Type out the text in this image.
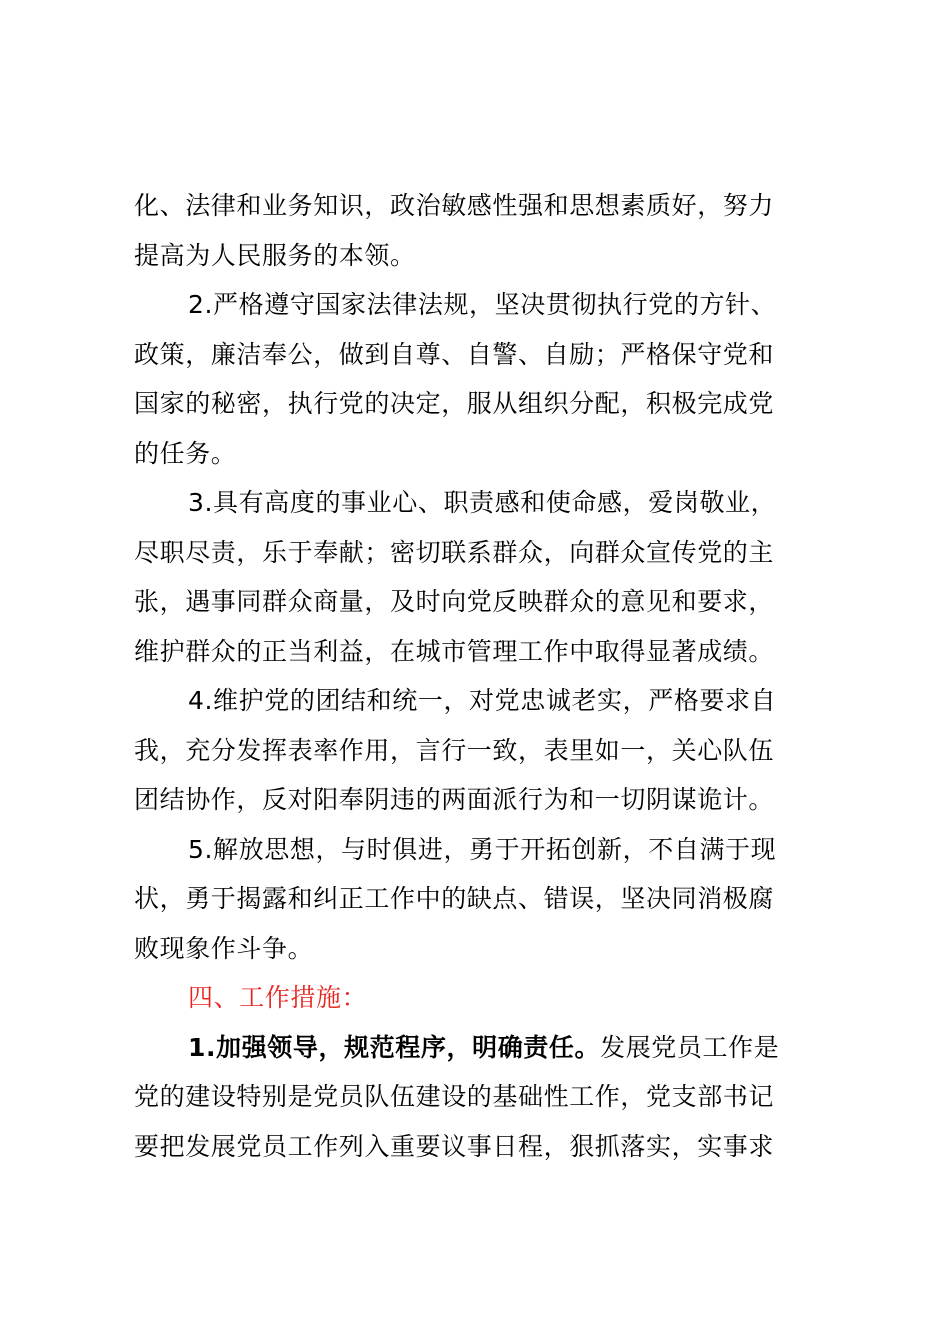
化、法律和业务知识，政治敏感性强和思想素质好，努力
提高为人民服务的本领。
2.严格遵守国家法律法规，坚决贯彻执行党的方针、
政策，廉洁奉公，做到自尊、自警、自励；严格保守党和
国家的秘密，执行党的决定，服从组织分配，积极完成党
的任务。
3.具有高度的事业心、职责感和使命感，爱岗敬业，
尽职尽责，乐于奉献；密切联系群众，向群众宣传党的主
张，遇事同群众商量，及时向党反映群众的意见和要求，
维护群众的正当利益，在城市管理工作中取得显著成绩。
4.维护党的团结和统一，对党忠诚老实，严格要求自
我，充分发挥表率作用，言行一致，表里如一，关心队伍
团结协作，反对阳奉阴违的两面派行为和一切阴谋诡计。
5.解放思想，与时俱进，勇于开拓创新，不自满于现
状，勇于揭露和纠正工作中的缺点、错误，坚决同消极腐
败现象作斗争。
四、工作措施：
1.加强领导，规范程序，明确责任。发展党员工作是
党的建设特别是党员队伍建设的基础性工作，党支部书记
要把发展党员工作列入重要议事日程，狠抓落实，实事求
